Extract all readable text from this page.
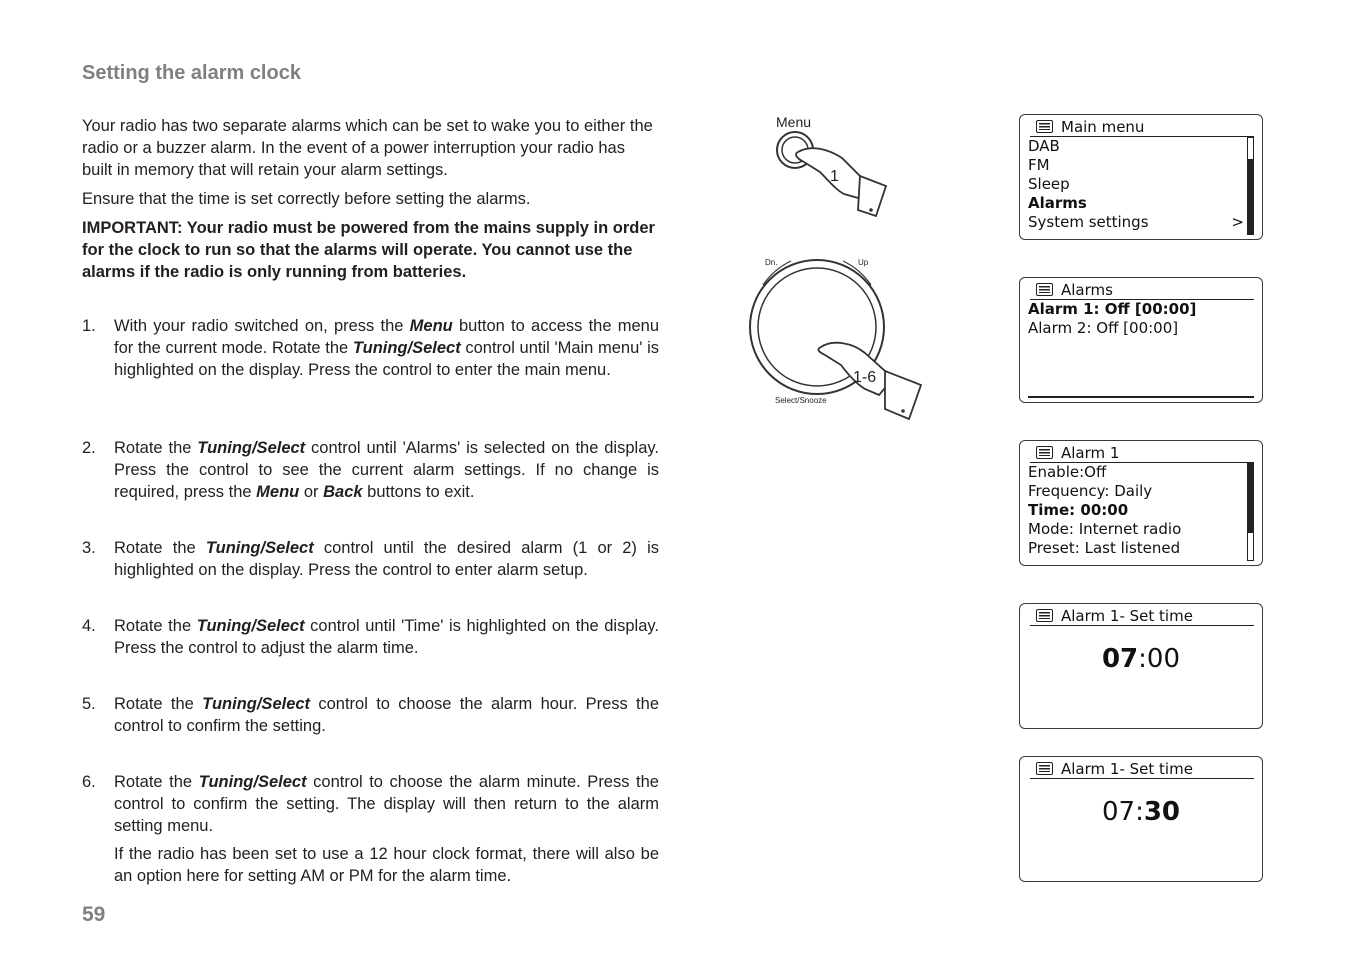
Setting the alarm clock

Your radio has two separate alarms which can be set to wake you to either the radio or a buzzer alarm. In the event of a power interruption your radio has built in memory that will retain your alarm settings.

Ensure that the time is set correctly before setting the alarms.

IMPORTANT: Your radio must be powered from the mains supply in order for the clock to run so that the alarms will operate. You cannot use the alarms if the radio is only running from batteries.

1. With your radio switched on, press the Menu button to access the menu for the current mode. Rotate the Tuning/Select control until 'Main menu' is highlighted on the display. Press the control to enter the main menu.
2. Rotate the Tuning/Select control until 'Alarms' is selected on the display. Press the control to see the current alarm settings. If no change is required, press the Menu or Back buttons to exit.
3. Rotate the Tuning/Select control until the desired alarm (1 or 2) is highlighted on the display. Press the control to enter alarm setup.
4. Rotate the Tuning/Select control until 'Time' is highlighted on the display. Press the control to adjust the alarm time.
5. Rotate the Tuning/Select control to choose the alarm hour. Press the control to confirm the setting.
6. Rotate the Tuning/Select control to choose the alarm minute. Press the control to confirm the setting. The display will then return to the alarm setting menu.

If the radio has been set to use a 12 hour clock format, there will also be an option here for setting AM or PM for the alarm time.

59
Menu
1
Dn.	Up
Select/Snooze
1-6
Main menu
DAB
FM
Sleep
Alarms
System settings	>
Alarms
Alarm 1: Off [00:00]
Alarm 2: Off [00:00]
Alarm 1
Enable:Off
Frequency: Daily
Time: 00:00
Mode: Internet radio
Preset: Last listened
Alarm 1- Set time
07:00
Alarm 1- Set time
07:30
